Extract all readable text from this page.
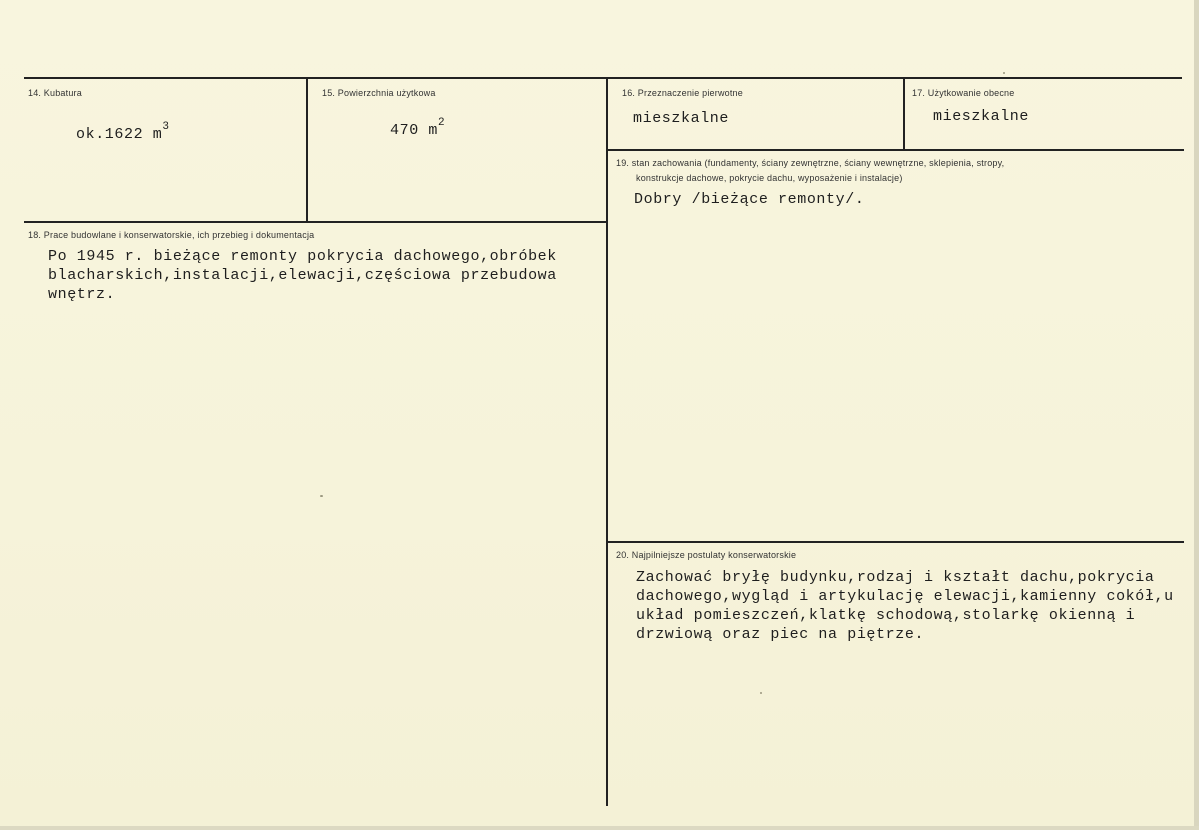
14. Kubatura
ok.1622 $m^3$
15. Powierzchnia użytkowa
470 $m^2$
16. Przeznaczenie pierwotne
mieszkalne
17. Użytkowanie obecne
mieszkalne
19. stan zachowania (fundamenty, ściany zewnętrzne, ściany wewnętrzne, sklepienia, stropy,
konstrukcje dachowe, pokrycie dachu, wyposażenie i instalacje)
Dobry /bieżące remonty/.
18. Prace budowlane i konserwatorskie, ich przebieg i dokumentacja
Po 1945 r. bieżące remonty pokrycia dachowego,obróbek
blacharskich,instalacji,elewacji,częściowa przebudowa
wnętrz.
20. Najpilniejsze postulaty konserwatorskie
Zachować bryłę budynku,rodzaj i kształt dachu,pokrycia
dachowego,wygląd i artykulację elewacji,kamienny cokół,u
układ pomieszczeń,klatkę schodową,stolarkę okienną i
drzwiową oraz piec na piętrze.
